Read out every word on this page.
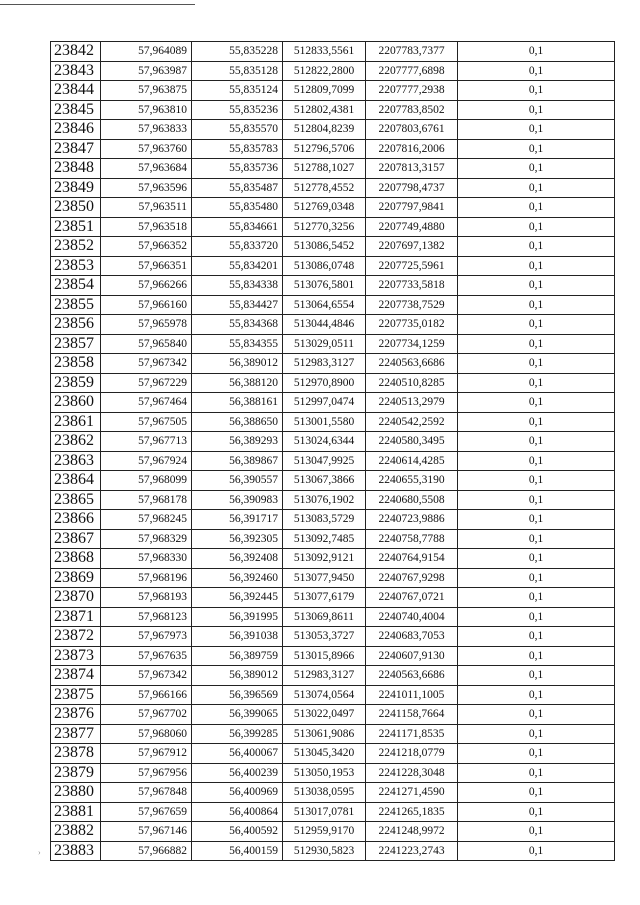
›
23842	57,964089	55,835228	512833,5561	2207783,7377	0,1
23843	57,963987	55,835128	512822,2800	2207777,6898	0,1
23844	57,963875	55,835124	512809,7099	2207777,2938	0,1
23845	57,963810	55,835236	512802,4381	2207783,8502	0,1
23846	57,963833	55,835570	512804,8239	2207803,6761	0,1
23847	57,963760	55,835783	512796,5706	2207816,2006	0,1
23848	57,963684	55,835736	512788,1027	2207813,3157	0,1
23849	57,963596	55,835487	512778,4552	2207798,4737	0,1
23850	57,963511	55,835480	512769,0348	2207797,9841	0,1
23851	57,963518	55,834661	512770,3256	2207749,4880	0,1
23852	57,966352	55,833720	513086,5452	2207697,1382	0,1
23853	57,966351	55,834201	513086,0748	2207725,5961	0,1
23854	57,966266	55,834338	513076,5801	2207733,5818	0,1
23855	57,966160	55,834427	513064,6554	2207738,7529	0,1
23856	57,965978	55,834368	513044,4846	2207735,0182	0,1
23857	57,965840	55,834355	513029,0511	2207734,1259	0,1
23858	57,967342	56,389012	512983,3127	2240563,6686	0,1
23859	57,967229	56,388120	512970,8900	2240510,8285	0,1
23860	57,967464	56,388161	512997,0474	2240513,2979	0,1
23861	57,967505	56,388650	513001,5580	2240542,2592	0,1
23862	57,967713	56,389293	513024,6344	2240580,3495	0,1
23863	57,967924	56,389867	513047,9925	2240614,4285	0,1
23864	57,968099	56,390557	513067,3866	2240655,3190	0,1
23865	57,968178	56,390983	513076,1902	2240680,5508	0,1
23866	57,968245	56,391717	513083,5729	2240723,9886	0,1
23867	57,968329	56,392305	513092,7485	2240758,7788	0,1
23868	57,968330	56,392408	513092,9121	2240764,9154	0,1
23869	57,968196	56,392460	513077,9450	2240767,9298	0,1
23870	57,968193	56,392445	513077,6179	2240767,0721	0,1
23871	57,968123	56,391995	513069,8611	2240740,4004	0,1
23872	57,967973	56,391038	513053,3727	2240683,7053	0,1
23873	57,967635	56,389759	513015,8966	2240607,9130	0,1
23874	57,967342	56,389012	512983,3127	2240563,6686	0,1
23875	57,966166	56,396569	513074,0564	2241011,1005	0,1
23876	57,967702	56,399065	513022,0497	2241158,7664	0,1
23877	57,968060	56,399285	513061,9086	2241171,8535	0,1
23878	57,967912	56,400067	513045,3420	2241218,0779	0,1
23879	57,967956	56,400239	513050,1953	2241228,3048	0,1
23880	57,967848	56,400969	513038,0595	2241271,4590	0,1
23881	57,967659	56,400864	513017,0781	2241265,1835	0,1
23882	57,967146	56,400592	512959,9170	2241248,9972	0,1
23883	57,966882	56,400159	512930,5823	2241223,2743	0,1
